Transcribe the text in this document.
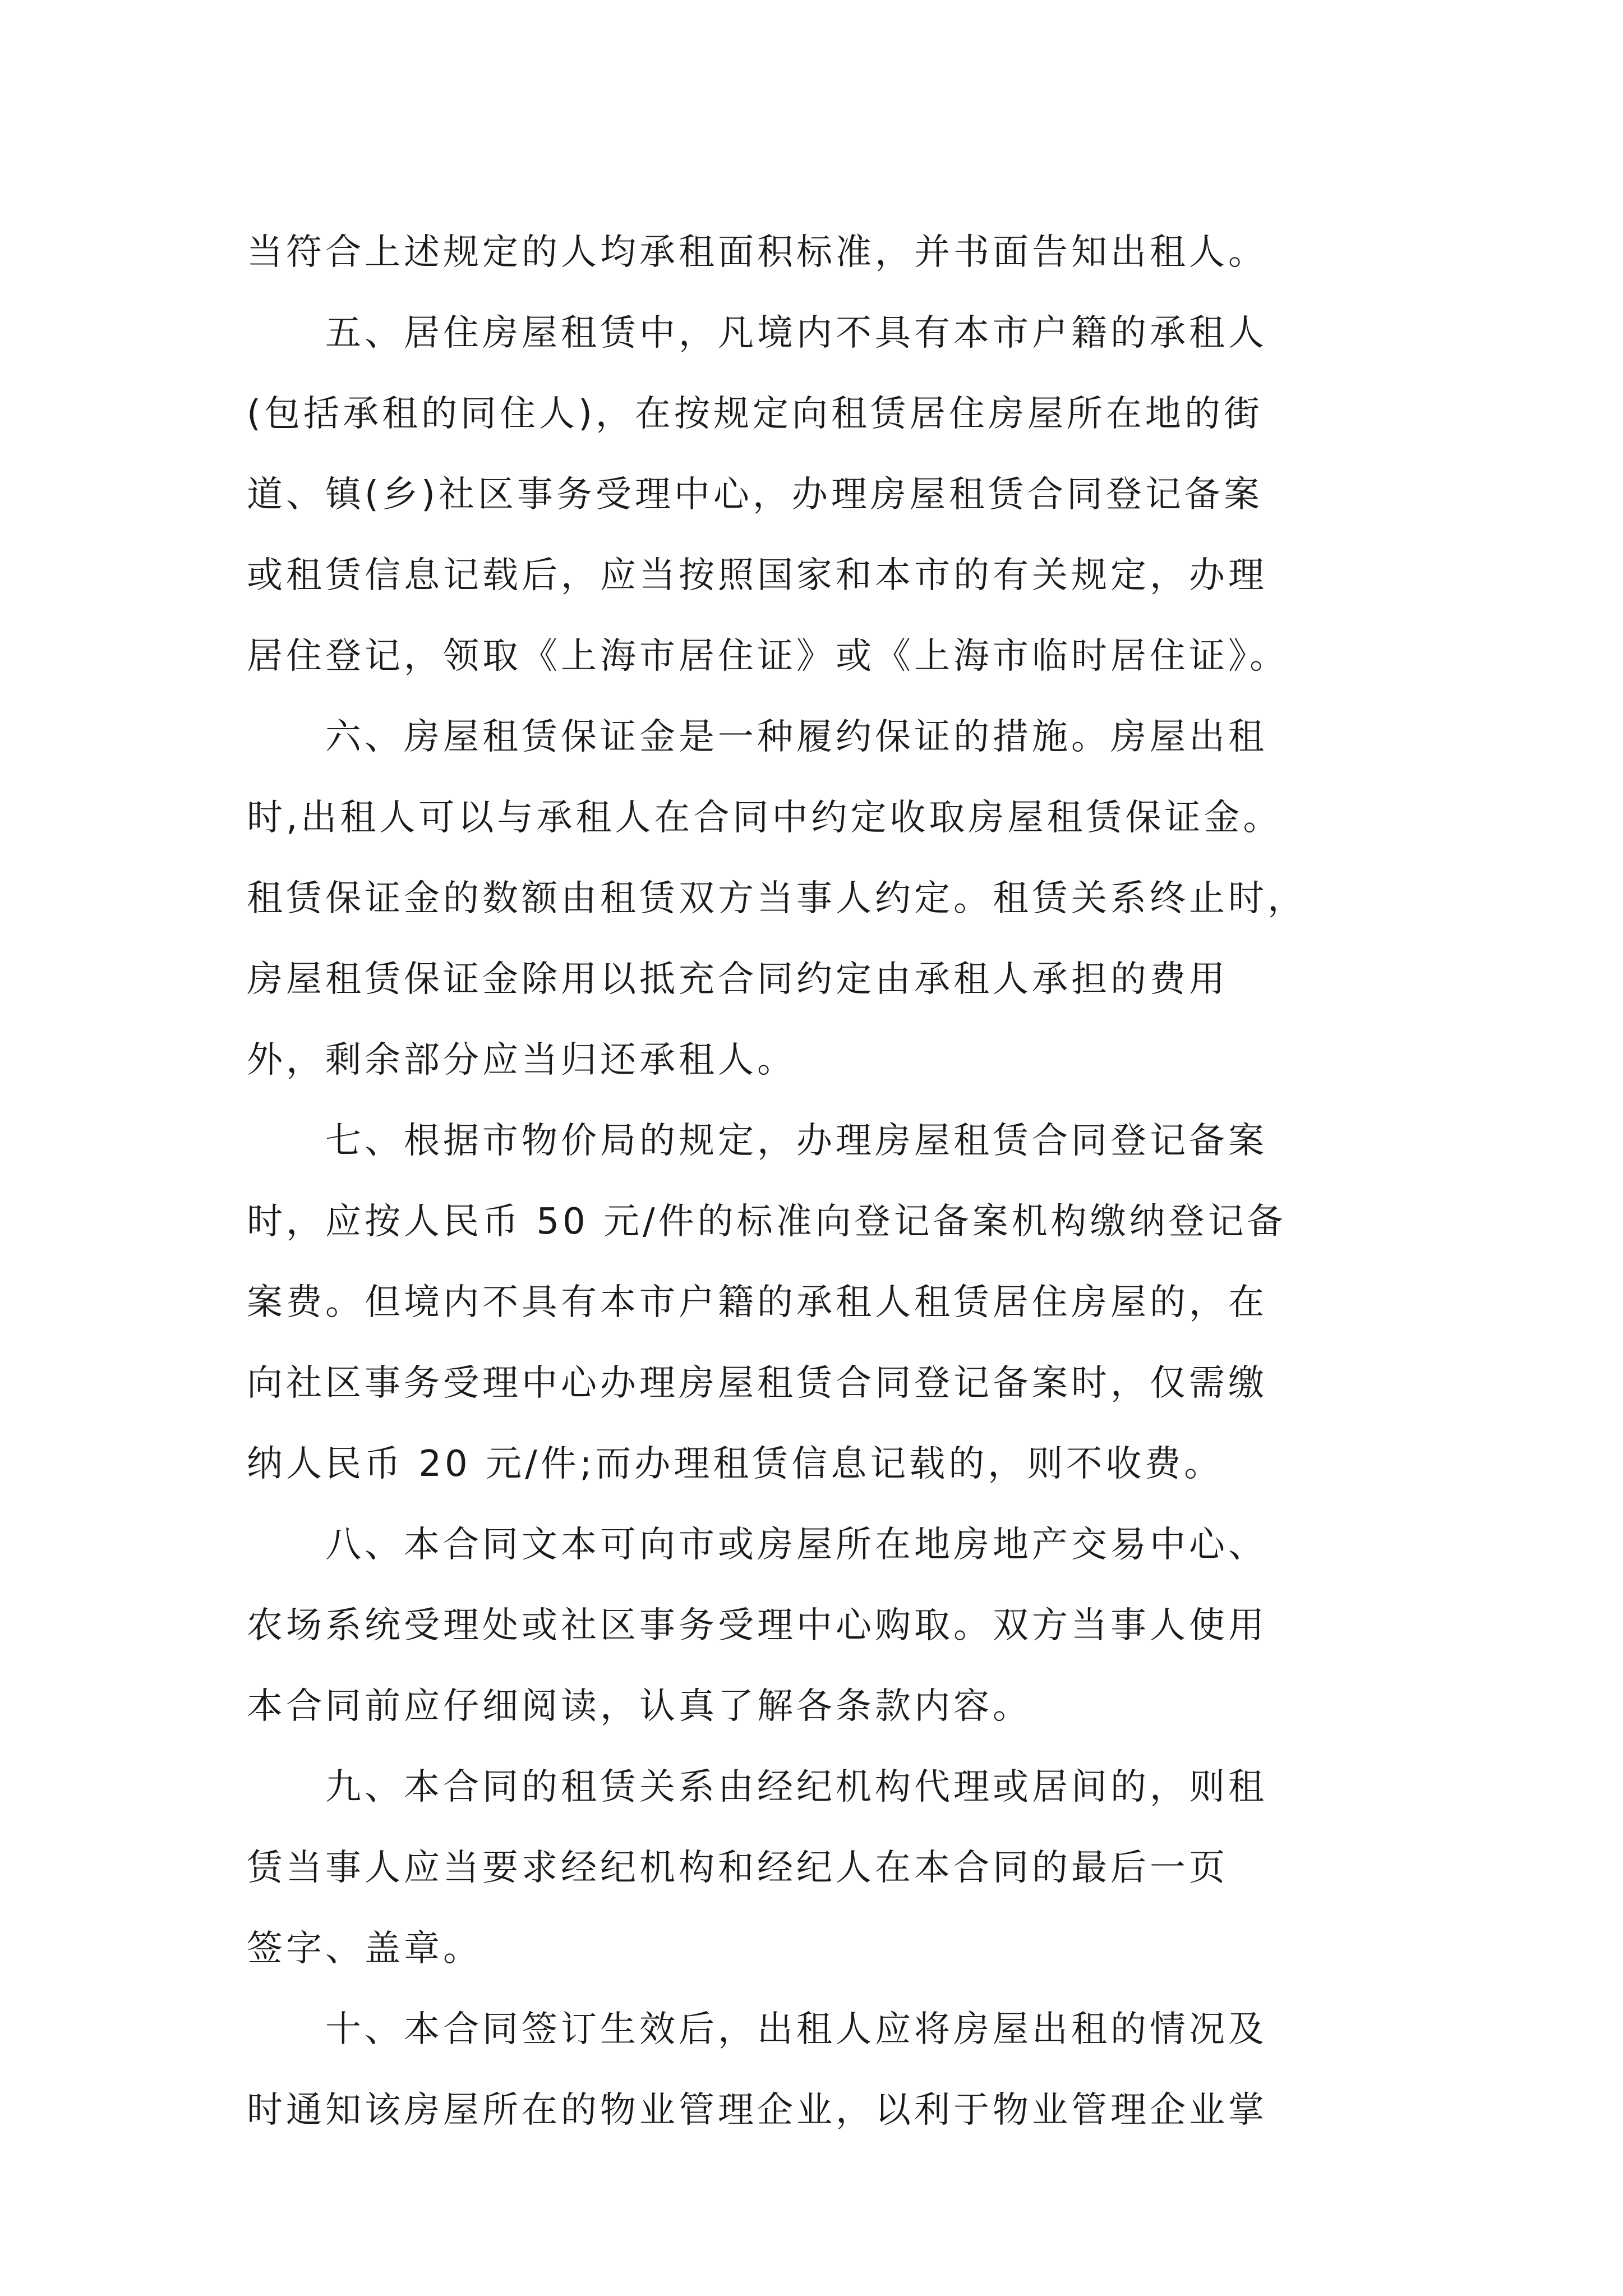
当符合上述规定的人均承租面积标准，并书面告知出租人。

　　五、居住房屋租赁中，凡境内不具有本市户籍的承租人
(包括承租的同住人)，在按规定向租赁居住房屋所在地的街
道、镇(乡)社区事务受理中心，办理房屋租赁合同登记备案
或租赁信息记载后，应当按照国家和本市的有关规定，办理
居住登记，领取《上海市居住证》或《上海市临时居住证》。

　　六、房屋租赁保证金是一种履约保证的措施。房屋出租
时,出租人可以与承租人在合同中约定收取房屋租赁保证金。
租赁保证金的数额由租赁双方当事人约定。租赁关系终止时，
房屋租赁保证金除用以抵充合同约定由承租人承担的费用
外，剩余部分应当归还承租人。

　　七、根据市物价局的规定，办理房屋租赁合同登记备案
时，应按人民币 50 元/件的标准向登记备案机构缴纳登记备
案费。但境内不具有本市户籍的承租人租赁居住房屋的，在
向社区事务受理中心办理房屋租赁合同登记备案时，仅需缴
纳人民币 20 元/件;而办理租赁信息记载的，则不收费。

　　八、本合同文本可向市或房屋所在地房地产交易中心、
农场系统受理处或社区事务受理中心购取。双方当事人使用
本合同前应仔细阅读，认真了解各条款内容。

　　九、本合同的租赁关系由经纪机构代理或居间的，则租
赁当事人应当要求经纪机构和经纪人在本合同的最后一页
签字、盖章。

　　十、本合同签订生效后，出租人应将房屋出租的情况及
时通知该房屋所在的物业管理企业，以利于物业管理企业掌
